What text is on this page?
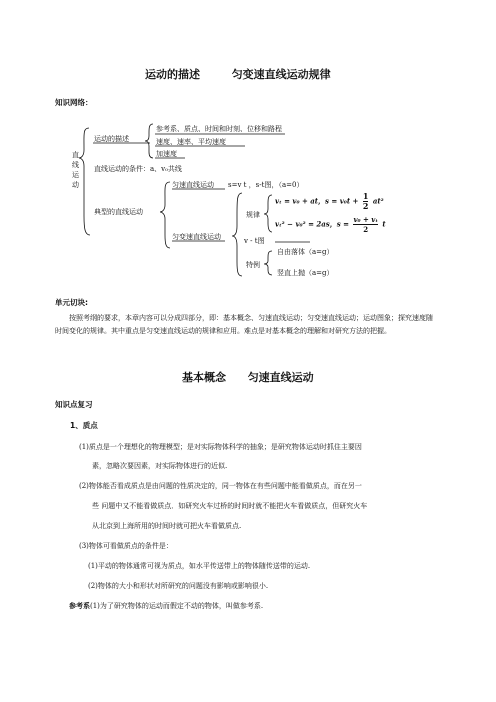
运动的描述	匀变速直线运动规律
知识网络：
直
线
运
动
运动的描述
参考系、质点、时间和时刻、位移和路程
速度、速率、平均速度
加速度
直线运动的条件：a、v₀共线
典型的直线运动
匀速直线运动 s=v t ，s-t图，（a=0）
匀变速直线运动
规律
vₜ = v₀ + at，$s = v_0t + \frac{1}{2} at^2$
vₜ² − v₀² = 2as，$s = \frac{\text{v₀ + vₜ}}{2}$ t
v - t图
特例
自由落体（a=g）
竖直上抛（a=g）
单元切块:
按照考纲的要求，本章内容可以分成四部分，即：基本概念、匀速直线运动；匀变速直线运动；运动图象；探究速度随时间变化的规律。其中重点是匀变速直线运动的规律和应用。难点是对基本概念的理解和对研究方法的把握。
基本概念 匀速直线运动
知识点复习
1、质点
(1)质点是一个理想化的物理模型；是对实际物体科学的抽象；是研究物体运动时抓住主要因
素，忽略次要因素，对实际物体进行的近似.
(2)物体能否看成质点是由问题的性质决定的，同一物体在有些问题中能看做质点，而在另一
些 问题中又不能看做质点．如研究火车过桥的时间时就不能把火车看做质点，但研究火车
从北京到上海所用的时间时就可把火车看做质点.
(3)物体可看做质点的条件是：
(1)平动的物体通常可视为质点，如水平传送带上的物体随传送带的运动.
(2)物体的大小和形状对所研究的问题没有影响或影响很小.
参考系(1)为了研究物体的运动而假定不动的物体，叫做参考系.
